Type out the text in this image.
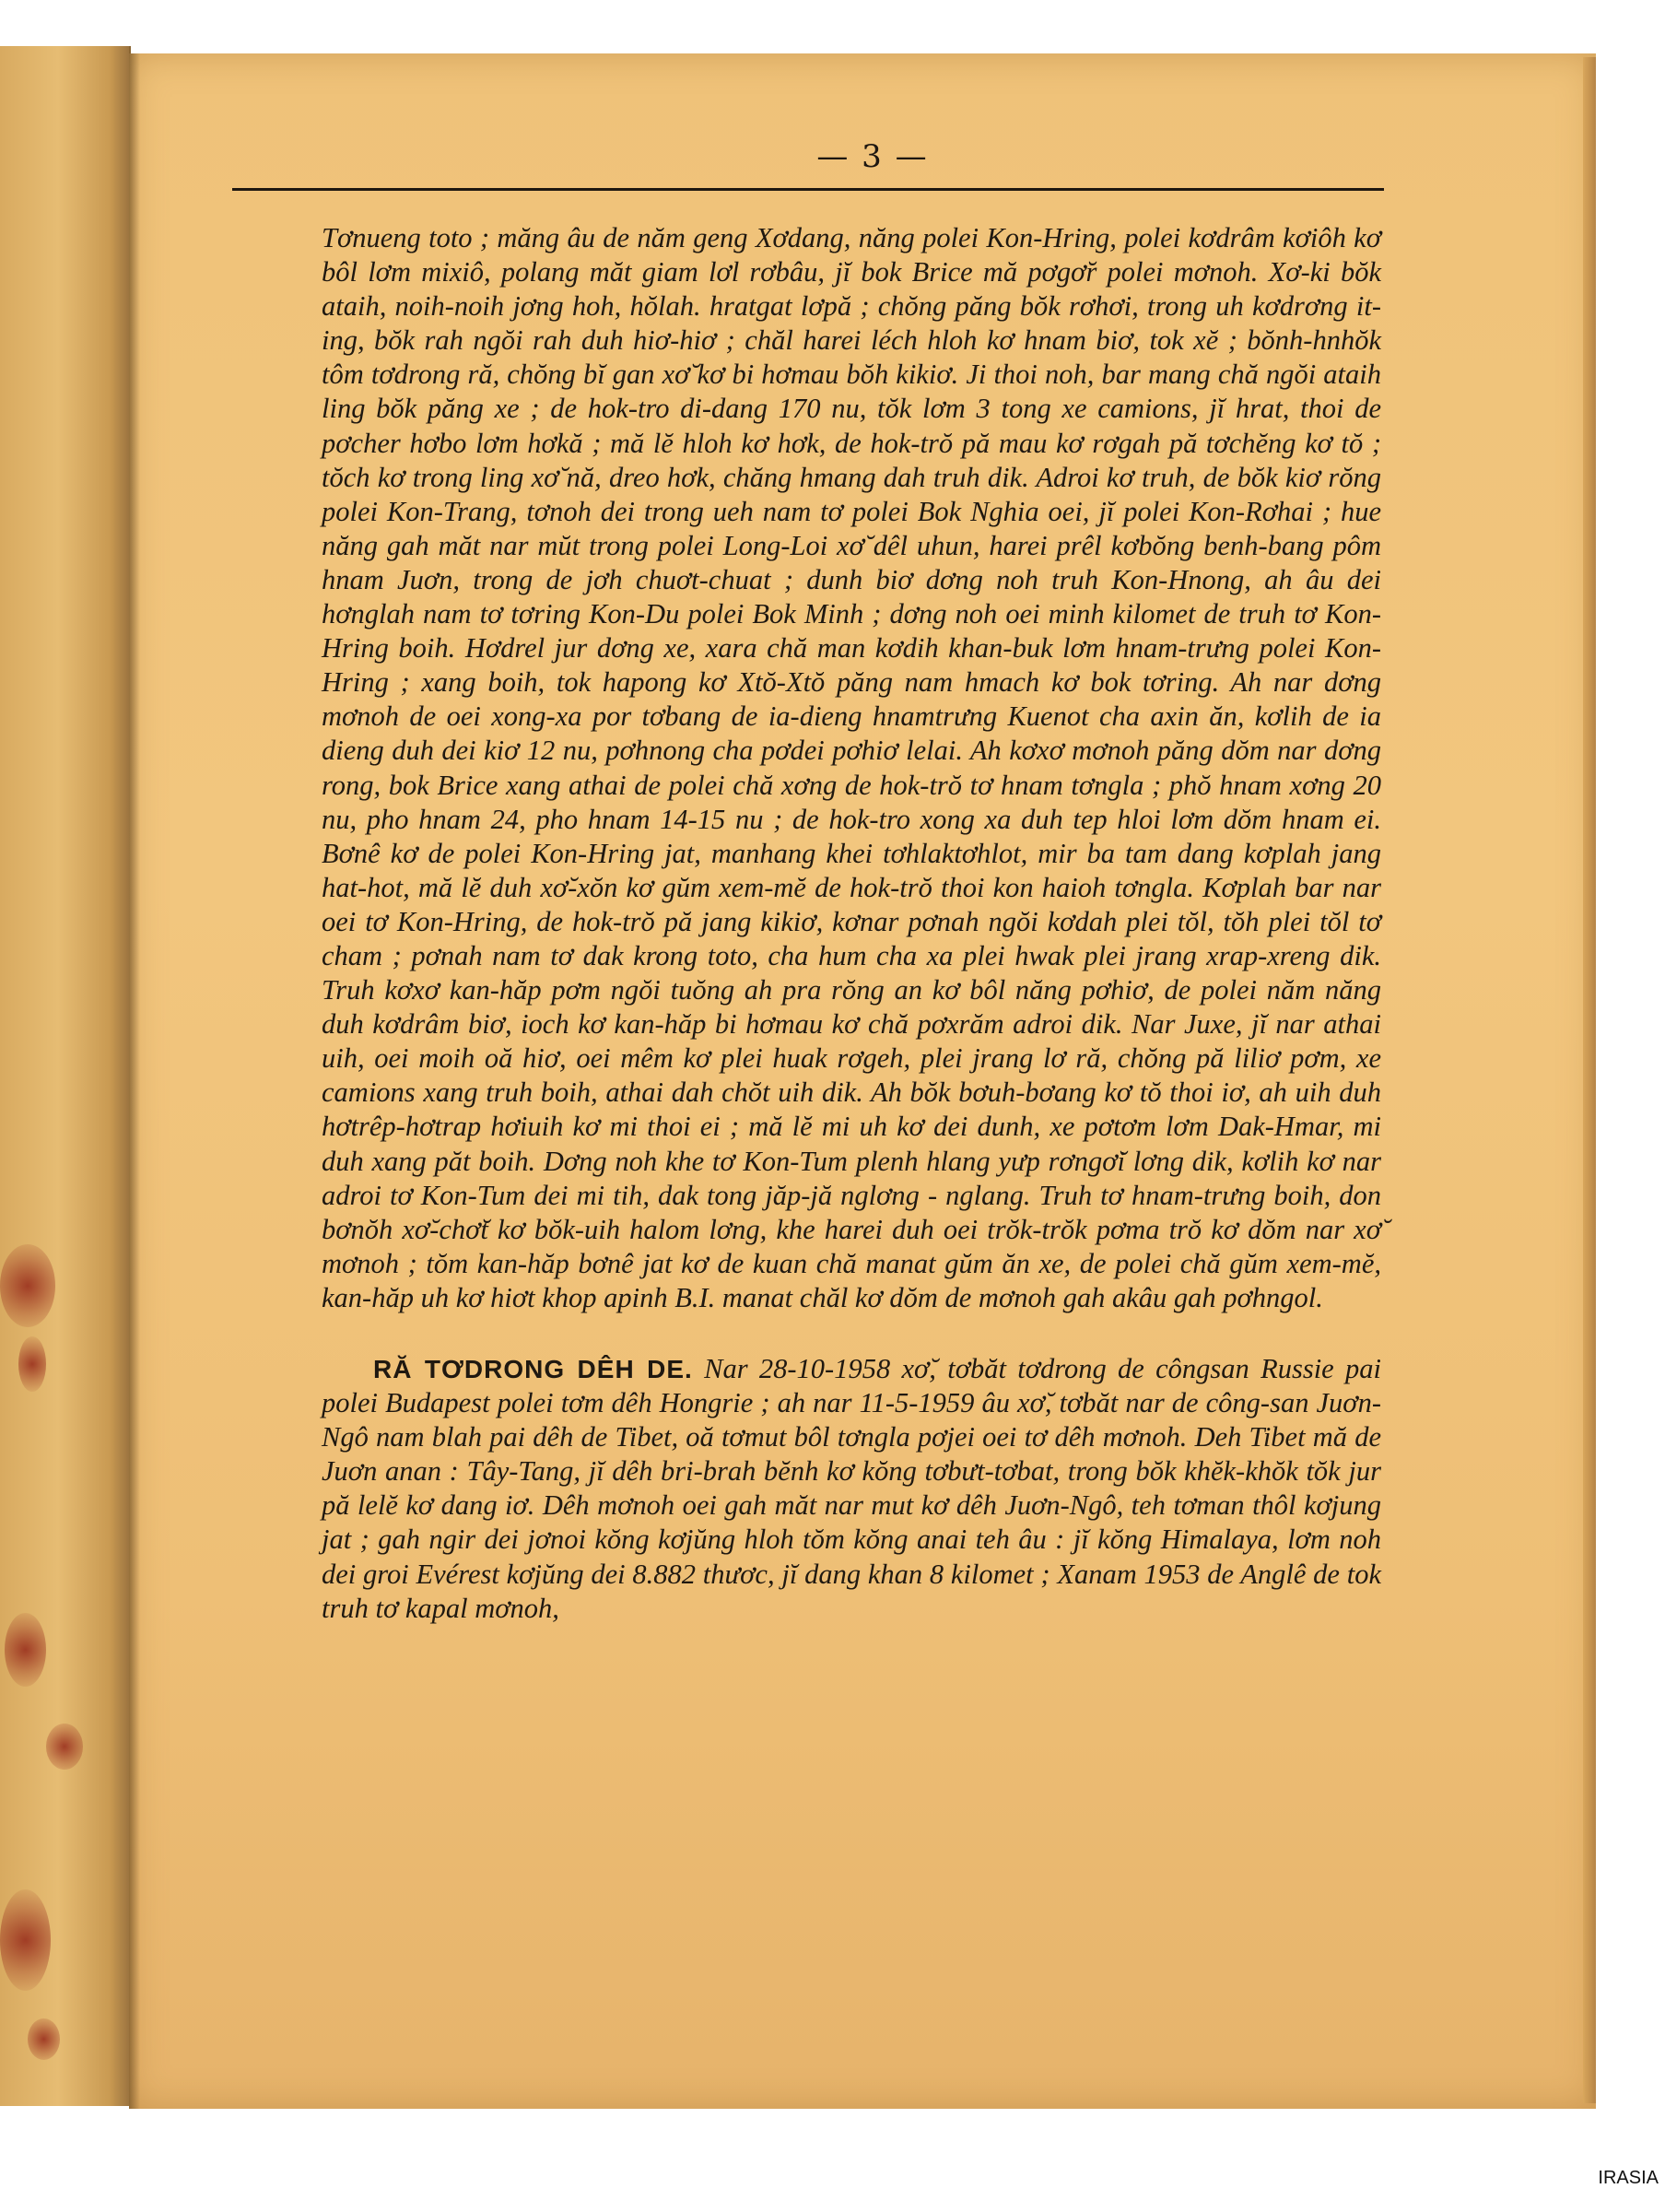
— 3 —

Tơnueng toto ; măng âu de năm geng Xơdang, năng polei Kon-Hring, polei kơdrâm kơiôh kơ bôl lơm mixiô, polang măt giam lơl rơbâu, jĭ bok Brice mă pơgơ̆r polei mơnoh. Xơ-ki bŏk ataih, noih-noih jơng hoh, hŏlah. hratgat lơpă ; chŏng păng bŏk rơhơi, trong uh kơdrơng it-ing, bŏk rah ngŏi rah duh hiơ-hiơ ; chăl harei léch hloh kơ hnam biơ, tok xĕ ; bŏnh-hnhŏk tôm tơdrong ră, chŏng bĭ gan xơ̆ kơ bi hơmau bŏh kikiơ. Ji thoi noh, bar mang chă ngŏi ataih ling bŏk păng xe ; de hok-tro di-dang 170 nu, tŏk lơm 3 tong xe camions, jĭ hrat, thoi de pơcher hơbo lơm hơkă ; mă lĕ hloh kơ hơk, de hok-trŏ pă mau kơ rơgah pă tơchĕng kơ tŏ ; tŏch kơ trong ling xơ̆ nă, dreo hơk, chăng hmang dah truh dik. Adroi kơ truh, de bŏk kiơ rŏng polei Kon-Trang, tơnoh dei trong ueh nam tơ polei Bok Nghia oei, jĭ polei Kon-Rơhai ; hue năng gah măt nar mŭt trong polei Long-Loi xơ̆ dêl uhun, harei prêl kơbŏng benh-bang pôm hnam Juơn, trong de jơh chuơt-chuat ; dunh biơ dơng noh truh Kon-Hnong, ah âu dei hơnglah nam tơ tơring Kon-Du polei Bok Minh ; dơng noh oei minh kilomet de truh tơ Kon-Hring boih. Hơdrel jur dơng xe, xara chă man kơdih khan-buk lơm hnam-trưng polei Kon-Hring ; xang boih, tok hapong kơ Xtŏ-Xtŏ păng nam hmach kơ bok tơring. Ah nar dơng mơnoh de oei xong-xa por tơbang de ia-dieng hnamtrưng Kuenot cha axin ăn, kơlih de ia dieng duh dei kiơ 12 nu, pơhnong cha pơdei pơhiơ lelai. Ah kơxơ mơnoh păng dŏm nar dơng rong, bok Brice xang athai de polei chă xơng de hok-trŏ tơ hnam tơngla ; phŏ hnam xơng 20 nu, pho hnam 24, pho hnam 14-15 nu ; de hok-tro xong xa duh tep hloi lơm dŏm hnam ei. Bơnê kơ de polei Kon-Hring jat, manhang khei tơhlaktơhlot, mir ba tam dang kơplah jang hat-hot, mă lĕ duh xơ̆-xŏn kơ gŭm xem-mĕ de hok-trŏ thoi kon haioh tơngla. Kơplah bar nar oei tơ Kon-Hring, de hok-trŏ pă jang kikiơ, kơnar pơnah ngŏi kơdah plei tŏl, tŏh plei tŏl tơ cham ; pơnah nam tơ dak krong toto, cha hum cha xa plei hwak plei jrang xrap-xreng dik. Truh kơxơ kan-hăp pơm ngŏi tuŏng ah pra rŏng an kơ bôl năng pơhiơ, de polei năm năng duh kơdrâm biơ, ioch kơ kan-hăp bi hơmau kơ chă pơxrăm adroi dik. Nar Juxe, jĭ nar athai uih, oei moih oă hiơ, oei mêm kơ plei huak rơgeh, plei jrang lơ ră, chŏng pă liliơ pơm, xe camions xang truh boih, athai dah chŏt uih dik. Ah bŏk bơuh-bơang kơ tŏ thoi iơ, ah uih duh hơtrêp-hơtrap hơiuih kơ mi thoi ei ; mă lĕ mi uh kơ dei dunh, xe pơtơm lơm Dak-Hmar, mi duh xang păt boih. Dơng noh khe tơ Kon-Tum plenh hlang yưp rơngơ̆i lơng dik, kơlih kơ nar adroi tơ Kon-Tum dei mi tih, dak tong jăp-jă nglơng - nglang. Truh tơ hnam-trưng boih, don bơnŏh xơ̆-chơ̆t kơ bŏk-uih halom lơng, khe harei duh oei trŏk-trŏk pơma trŏ kơ dŏm nar xơ̆ mơnoh ; tŏm kan-hăp bơnê jat kơ de kuan chă manat gŭm ăn xe, de polei chă gŭm xem-mĕ, kan-hăp uh kơ hiơt khop apinh B.I. manat chăl kơ dŏm de mơnoh gah akâu gah pơhngol.

RĂ TƠDRONG DÊH DE. Nar 28-10-1958 xơ̆, tơbăt tơdrong de côngsan Russie pai polei Budapest polei tơm dêh Hongrie ; ah nar 11-5-1959 âu xơ̆, tơbăt nar de công-san Juơn-Ngô nam blah pai dêh de Tibet, oă tơmut bôl tơngla pơjei oei tơ dêh mơnoh. Deh Tibet mă de Juơn anan : Tây-Tang, jĭ dêh bri-brah bĕnh kơ kŏng tơbưt-tơbat, trong bŏk khĕk-khŏk tŏk jur pă lelĕ kơ dang iơ. Dêh mơnoh oei gah măt nar mut kơ dêh Juơn-Ngô, teh tơman thôl kơjung jat ; gah ngir dei jơnoi kŏng kơjŭng hloh tŏm kŏng anai teh âu : jĭ kŏng Himalaya, lơm noh dei groi Evérest kơjŭng dei 8.882 thươc, jĭ dang khan 8 kilomet ; Xanam 1953 de Anglê de tok truh tơ kapal mơnoh,

IRASIA
